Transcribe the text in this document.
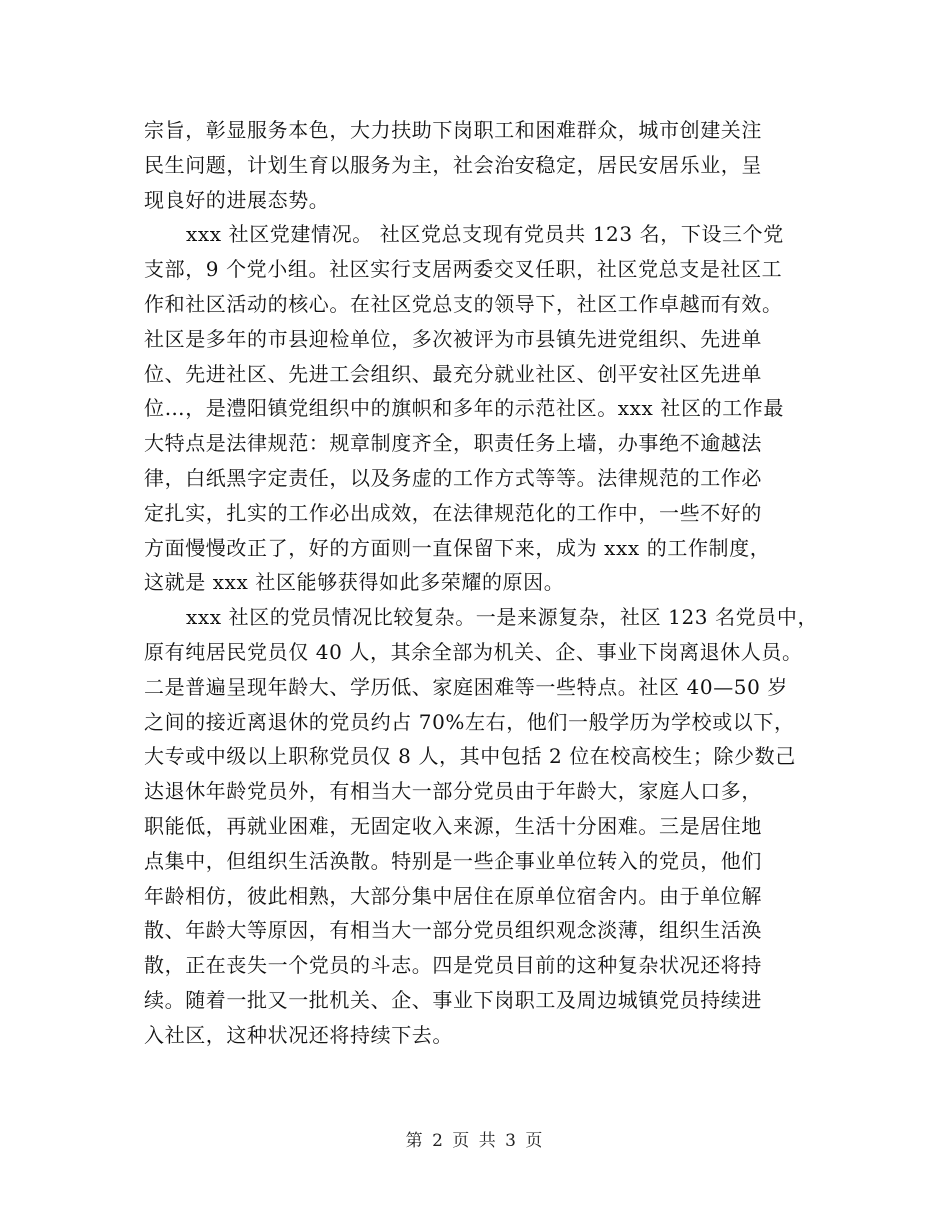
宗旨，彰显服务本色，大力扶助下岗职工和困难群众，城市创建关注
民生问题，计划生育以服务为主，社会治安稳定，居民安居乐业，呈
现良好的进展态势。
xxx 社区党建情况。 社区党总支现有党员共 123 名，下设三个党
支部，9 个党小组。社区实行支居两委交叉任职，社区党总支是社区工
作和社区活动的核心。在社区党总支的领导下，社区工作卓越而有效。
社区是多年的市县迎检单位，多次被评为市县镇先进党组织、先进单
位、先进社区、先进工会组织、最充分就业社区、创平安社区先进单
位…，是澧阳镇党组织中的旗帜和多年的示范社区。xxx 社区的工作最
大特点是法律规范：规章制度齐全，职责任务上墙，办事绝不逾越法
律，白纸黑字定责任，以及务虚的工作方式等等。法律规范的工作必
定扎实，扎实的工作必出成效，在法律规范化的工作中，一些不好的
方面慢慢改正了，好的方面则一直保留下来，成为 xxx 的工作制度，
这就是 xxx 社区能够获得如此多荣耀的原因。
xxx 社区的党员情况比较复杂。一是来源复杂，社区 123 名党员中，
原有纯居民党员仅 40 人，其余全部为机关、企、事业下岗离退休人员。
二是普遍呈现年龄大、学历低、家庭困难等一些特点。社区 40—50 岁
之间的接近离退休的党员约占 70%左右，他们一般学历为学校或以下，
大专或中级以上职称党员仅 8 人，其中包括 2 位在校高校生；除少数己
达退休年龄党员外，有相当大一部分党员由于年龄大，家庭人口多，
职能低，再就业困难，无固定收入来源，生活十分困难。三是居住地
点集中，但组织生活涣散。特别是一些企事业单位转入的党员，他们
年龄相仿，彼此相熟，大部分集中居住在原单位宿舍内。由于单位解
散、年龄大等原因，有相当大一部分党员组织观念淡薄，组织生活涣
散，正在丧失一个党员的斗志。四是党员目前的这种复杂状况还将持
续。随着一批又一批机关、企、事业下岗职工及周边城镇党员持续进
入社区，这种状况还将持续下去。
第 2 页 共 3 页
